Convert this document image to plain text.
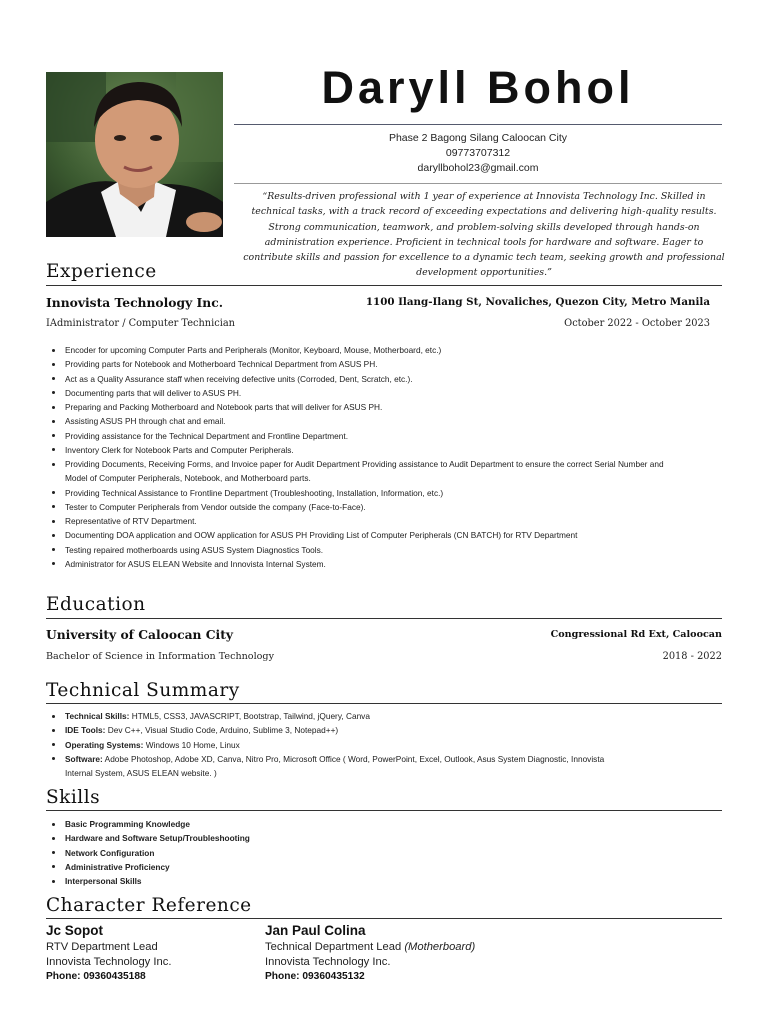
Daryll Bohol
Phase 2 Bagong Silang Caloocan City
09773707312
daryllbohol23@gmail.com
“Results-driven professional with 1 year of experience at Innovista Technology Inc. Skilled in technical tasks, with a track record of exceeding expectations and delivering high-quality results. Strong communication, teamwork, and problem-solving skills developed through hands-on administration experience. Proficient in technical tools for hardware and software. Eager to contribute skills and passion for excellence to a dynamic tech team, seeking growth and professional development opportunities.”
Experience
Innovista Technology Inc.	1100 Ilang-Ilang St, Novaliches, Quezon City, Metro Manila
IAdministrator / Computer Technician	October 2022 - October 2023
Encoder for upcoming Computer Parts and Peripherals (Monitor, Keyboard, Mouse, Motherboard, etc.)
Providing parts for Notebook and Motherboard Technical Department from ASUS PH.
Act as a Quality Assurance staff when receiving defective units (Corroded, Dent, Scratch, etc.).
Documenting parts that will deliver to ASUS PH.
Preparing and Packing Motherboard and Notebook parts that will deliver for ASUS PH.
Assisting ASUS PH through chat and email.
Providing assistance for the Technical Department and Frontline Department.
Inventory Clerk for Notebook Parts and Computer Peripherals.
Providing Documents, Receiving Forms, and Invoice paper for Audit Department Providing assistance to Audit Department to ensure the correct Serial Number and Model of Computer Peripherals, Notebook, and Motherboard parts.
Providing Technical Assistance to Frontline Department (Troubleshooting, Installation, Information, etc.)
Tester to Computer Peripherals from Vendor outside the company (Face-to-Face).
Representative of RTV Department.
Documenting DOA application and OOW application for ASUS PH Providing List of Computer Peripherals (CN BATCH) for RTV Department
Testing repaired motherboards using ASUS System Diagnostics Tools.
Administrator for ASUS ELEAN Website and Innovista Internal System.
Education
University of Caloocan City	Congressional Rd Ext, Caloocan
Bachelor of Science in Information Technology	2018 - 2022
Technical Summary
Technical Skills: HTML5, CSS3, JAVASCRIPT, Bootstrap, Tailwind, jQuery, Canva
IDE Tools: Dev C++, Visual Studio Code, Arduino, Sublime 3, Notepad++)
Operating Systems: Windows 10 Home, Linux
Software: Adobe Photoshop, Adobe XD, Canva, Nitro Pro, Microsoft Office ( Word, PowerPoint, Excel, Outlook, Asus System Diagnostic, Innovista Internal System, ASUS ELEAN website. )
Skills
Basic Programming Knowledge
Hardware and Software Setup/Troubleshooting
Network Configuration
Administrative Proficiency
Interpersonal Skills
Character Reference
Jc Sopot
RTV Department Lead
Innovista Technology Inc.
Phone: 09360435188
Jan Paul Colina
Technical Department Lead (Motherboard)
Innovista Technology Inc.
Phone: 09360435132
